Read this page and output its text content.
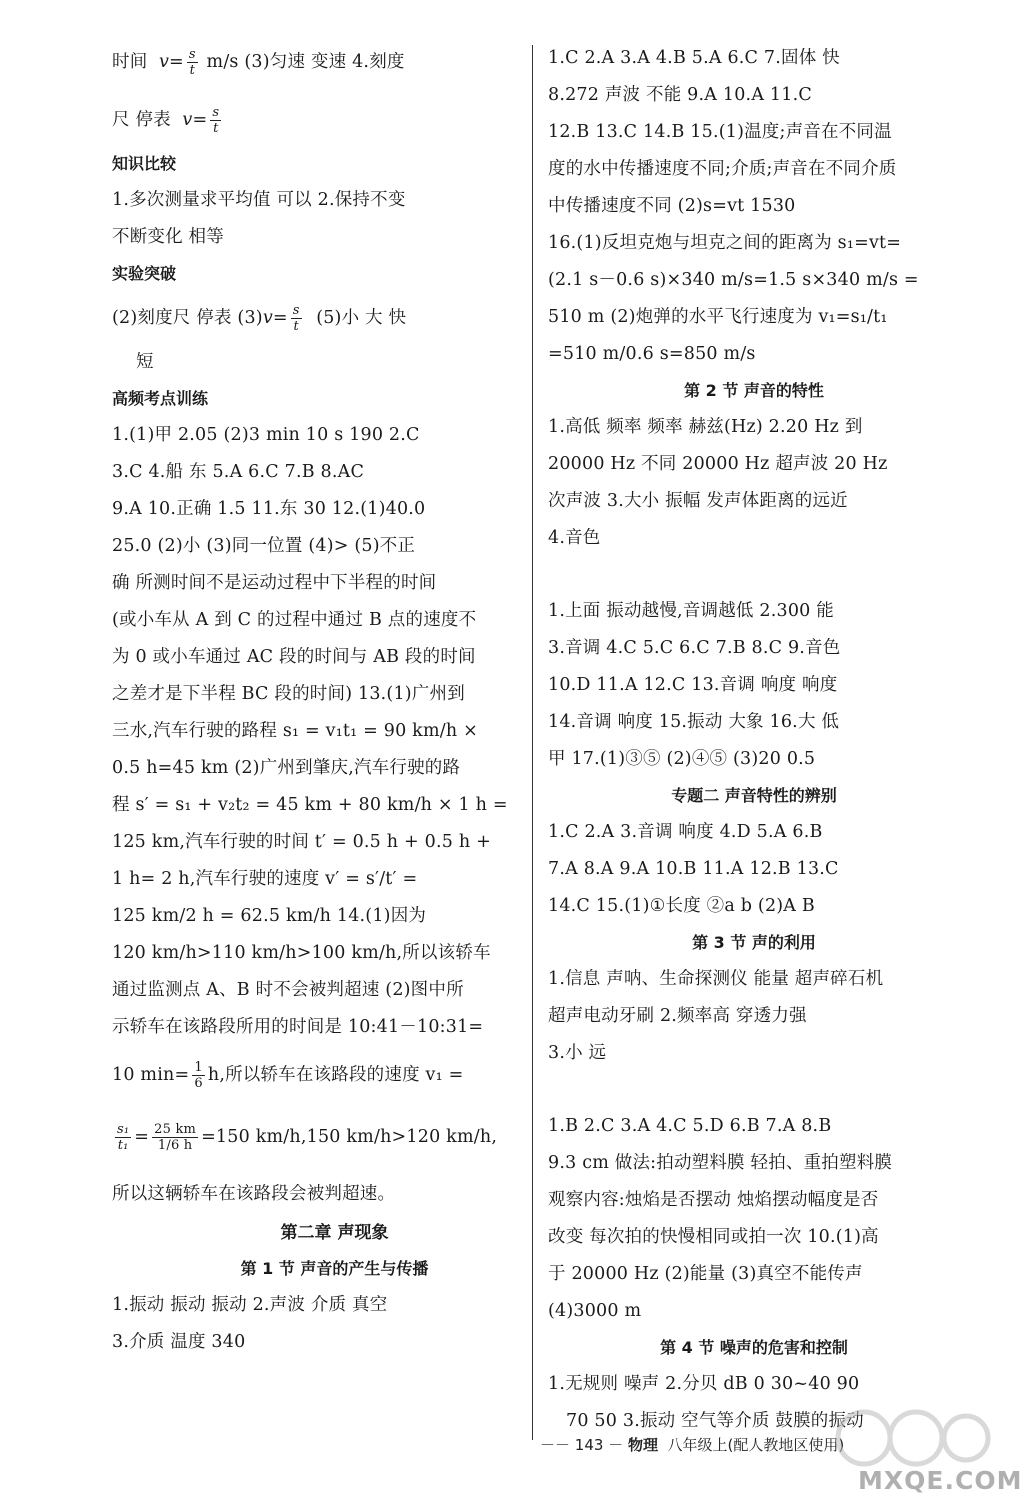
时间
$v = \frac{s}{t}$
m/s (3)匀速 变速 4.刻度
尺 停表
$v = \frac{s}{t}$
知识比较
1.多次测量求平均值 可以 2.保持不变
不断变化 相等
实验突破
(2)刻度尺 停表 (3) $v = \frac{s}{t}$
(5)小 大 快
短
高频考点训练
1.(1)甲 2.05 (2)3 min 10 s 190 2.C
3.C 4.船 东 5.A 6.C 7.B 8.AC
9.A 10.正确 1.5 11.东 30 12.(1)40.0
25.0 (2)小 (3)同一位置 (4)> (5)不正
确 所测时间不是运动过程中下半程的时间
(或小车从 A 到 C 的过程中通过 B 点的速度不
为 0 或小车通过 AC 段的时间与 AB 段的时间
之差才是下半程 BC 段的时间) 13.(1)广州到
三水,汽车行驶的路程 s₁ = v₁t₁ = 90 km/h ×
0.5 h=45 km (2)广州到肇庆,汽车行驶的路
程 s′ = s₁ + v₂t₂ = 45 km + 80 km/h × 1 h =
125 km,汽车行驶的时间 t′ = 0.5 h + 0.5 h +
1 h= 2 h,汽车行驶的速度 v′ = s′/t′ =
125 km/2 h = 62.5 km/h 14.(1)因为
120 km/h>110 km/h>100 km/h,所以该轿车
通过监测点 A、B 时不会被判超速 (2)图中所
示轿车在该路段所用的时间是 10:41－10:31=
10 $\min= \frac{1}{6} h$,所以轿车在该路段的速度 v₁ =
$\frac{\text{s₁}}{\text{t₁}} = \frac{25 km}{1/6 h} =150$ km/h,150 km/h>120 km/h,
所以这辆轿车在该路段会被判超速。
第二章 声现象
第 1 节 声音的产生与传播
1.振动 振动 振动 2.声波 介质 真空
3.介质 温度 340
1.C 2.A 3.A 4.B 5.A 6.C 7.固体 快
8.272 声波 不能 9.A 10.A 11.C
12.B 13.C 14.B 15.(1)温度;声音在不同温
度的水中传播速度不同;介质;声音在不同介质
中传播速度不同 (2)s=vt 1530
16.(1)反坦克炮与坦克之间的距离为 s₁=vt=
(2.1 s－0.6 s)×340 m/s=1.5 s×340 m/s =
510 m (2)炮弹的水平飞行速度为 v₁=s₁/t₁
=510 m/0.6 s=850 m/s
第 2 节 声音的特性
1.高低 频率 频率 赫兹(Hz) 2.20 Hz 到
20000 Hz 不同 20000 Hz 超声波 20 Hz
次声波 3.大小 振幅 发声体距离的远近
4.音色
1.上面 振动越慢,音调越低 2.300 能
3.音调 4.C 5.C 6.C 7.B 8.C 9.音色
10.D 11.A 12.C 13.音调 响度 响度
14.音调 响度 15.振动 大象 16.大 低
甲 17.(1)③⑤ (2)④⑤ (3)20 0.5
专题二 声音特性的辨别
1.C 2.A 3.音调 响度 4.D 5.A 6.B
7.A 8.A 9.A 10.B 11.A 12.B 13.C
14.C 15.(1)①长度 ②a b (2)A B
第 3 节 声的利用
1.信息 声呐、生命探测仪 能量 超声碎石机
超声电动牙刷 2.频率高 穿透力强
3.小 远
1.B 2.C 3.A 4.C 5.D 6.B 7.A 8.B
9.3 cm 做法:拍动塑料膜 轻拍、重拍塑料膜
观察内容:烛焰是否摆动 烛焰摆动幅度是否
改变 每次拍的快慢相同或拍一次 10.(1)高
于 20000 Hz (2)能量 (3)真空不能传声
(4)3000 m
第 4 节 噪声的危害和控制
1.无规则 噪声 2.分贝 dB 0 30~40 90
70 50 3.振动 空气等介质 鼓膜的振动
－－ 143 － 物理 八年级上(配人教地区使用)
MXQE.COM
